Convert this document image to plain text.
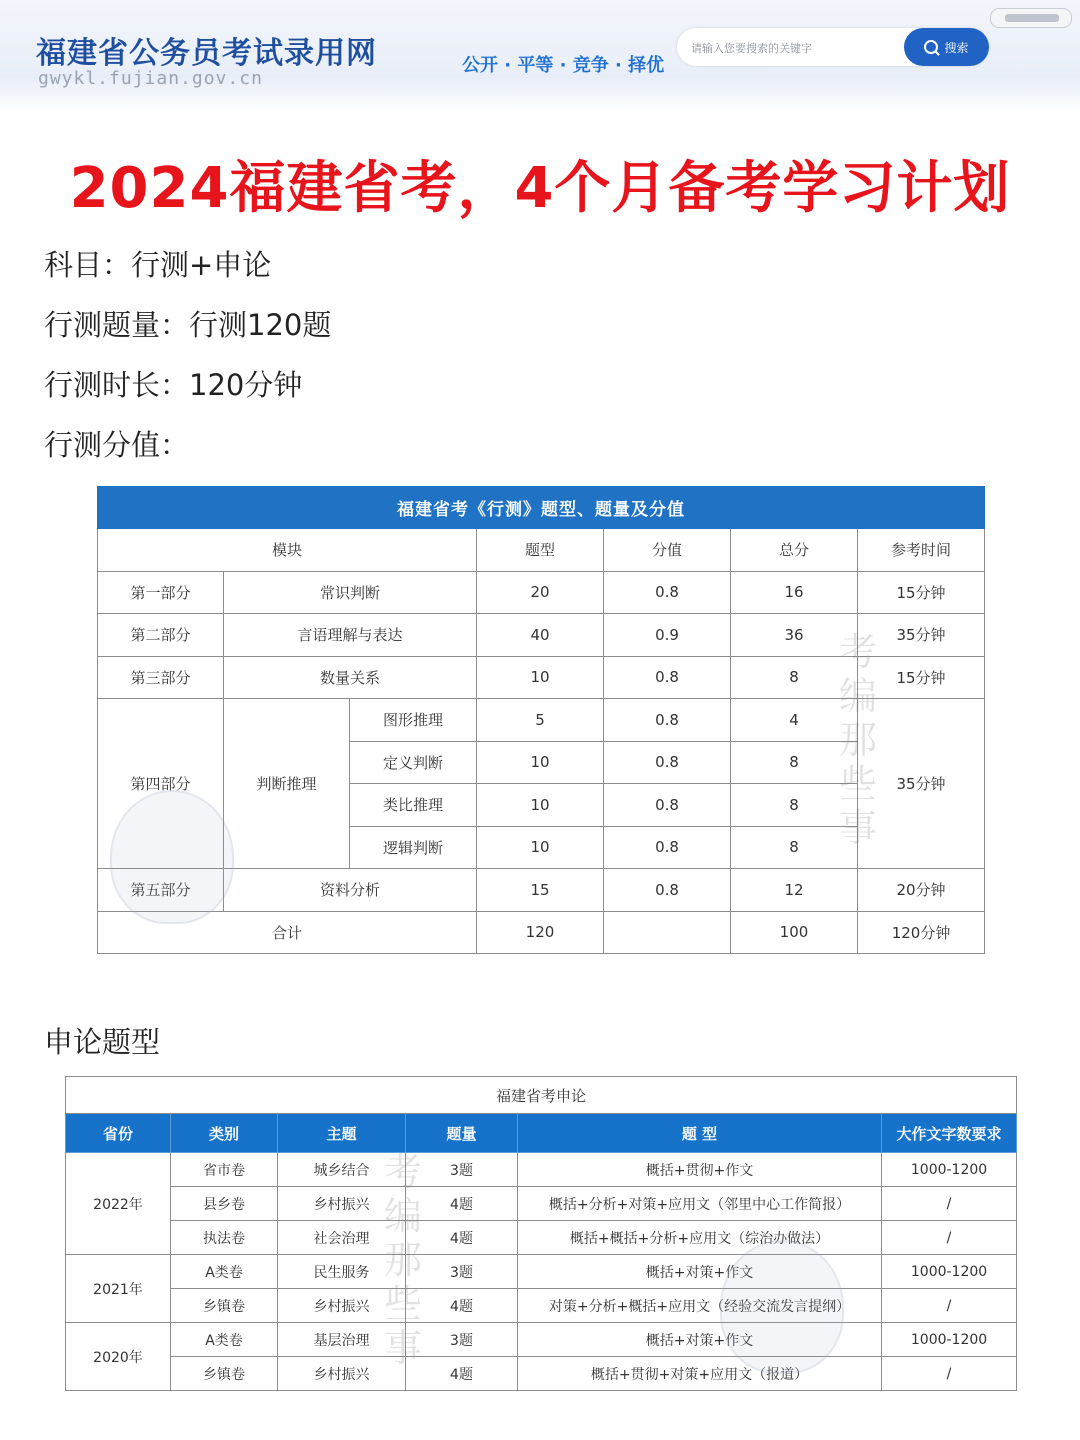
福建省公务员考试录用网
gwykl.fujian.gov.cn
公开 · 平等 · 竞争 · 择优
请输入您要搜索的关键字
搜索
2024福建省考，4个月备考学习计划
科目：行测+申论
行测题量：行测120题
行测时长：120分钟
行测分值：
福建省考《行测》题型、题量及分值						
模块			题型	分值	总分	参考时间
第一部分	常识判断		20	0.8	16	15分钟
第二部分	言语理解与表达		40	0.9	36	35分钟
第三部分	数量关系		10	0.8	8	15分钟
第四部分	判断推理	图形推理	5	0.8	4	35分钟
		定义判断	10	0.8	8	
		类比推理	10	0.8	8	
		逻辑判断	10	0.8	8	
第五部分	资料分析		15	0.8	12	20分钟
合计			120		100	120分钟
考
编
那
些
事
申论题型
福建省考申论					
省份	类别	主题	题量	题 型	大作文字数要求
2022年	省市卷	城乡结合	3题	概括+贯彻+作文	1000-1200
	县乡卷	乡村振兴	4题	概括+分析+对策+应用文（邻里中心工作简报）	/
	执法卷	社会治理	4题	概括+概括+分析+应用文（综治办做法）	/
2021年	A类卷	民生服务	3题	概括+对策+作文	1000-1200
	乡镇卷	乡村振兴	4题	对策+分析+概括+应用文（经验交流发言提纲）	/
2020年	A类卷	基层治理	3题	概括+对策+作文	1000-1200
	乡镇卷	乡村振兴	4题	概括+贯彻+对策+应用文（报道）	/
考
编
那
些
事
